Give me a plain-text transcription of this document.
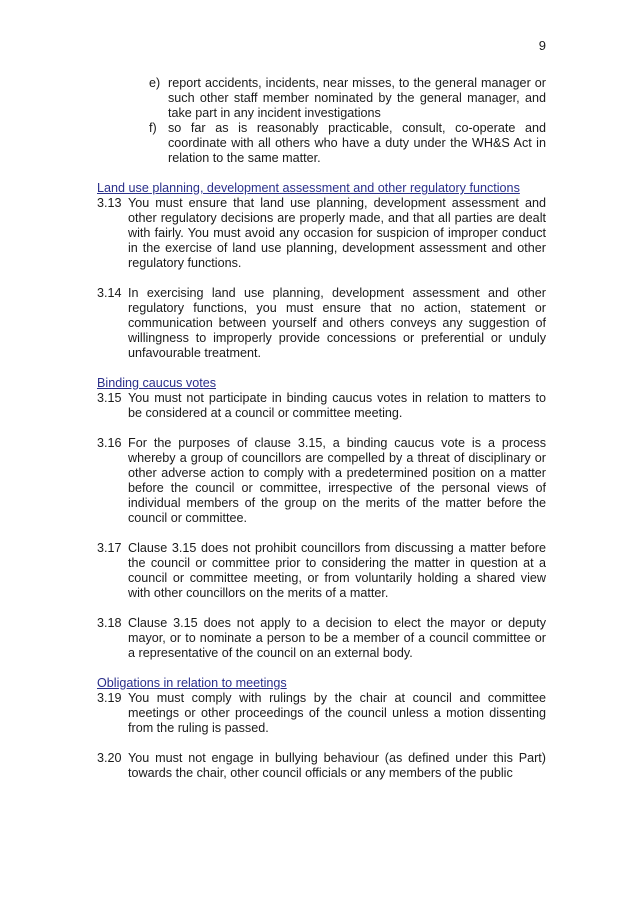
9
e) report accidents, incidents, near misses, to the general manager or such other staff member nominated by the general manager, and take part in any incident investigations
f) so far as is reasonably practicable, consult, co-operate and coordinate with all others who have a duty under the WH&S Act in relation to the same matter.
Land use planning, development assessment and other regulatory functions
3.13 You must ensure that land use planning, development assessment and other regulatory decisions are properly made, and that all parties are dealt with fairly. You must avoid any occasion for suspicion of improper conduct in the exercise of land use planning, development assessment and other regulatory functions.
3.14 In exercising land use planning, development assessment and other regulatory functions, you must ensure that no action, statement or communication between yourself and others conveys any suggestion of willingness to improperly provide concessions or preferential or unduly unfavourable treatment.
Binding caucus votes
3.15 You must not participate in binding caucus votes in relation to matters to be considered at a council or committee meeting.
3.16 For the purposes of clause 3.15, a binding caucus vote is a process whereby a group of councillors are compelled by a threat of disciplinary or other adverse action to comply with a predetermined position on a matter before the council or committee, irrespective of the personal views of individual members of the group on the merits of the matter before the council or committee.
3.17 Clause 3.15 does not prohibit councillors from discussing a matter before the council or committee prior to considering the matter in question at a council or committee meeting, or from voluntarily holding a shared view with other councillors on the merits of a matter.
3.18 Clause 3.15 does not apply to a decision to elect the mayor or deputy mayor, or to nominate a person to be a member of a council committee or a representative of the council on an external body.
Obligations in relation to meetings
3.19 You must comply with rulings by the chair at council and committee meetings or other proceedings of the council unless a motion dissenting from the ruling is passed.
3.20 You must not engage in bullying behaviour (as defined under this Part) towards the chair, other council officials or any members of the public
